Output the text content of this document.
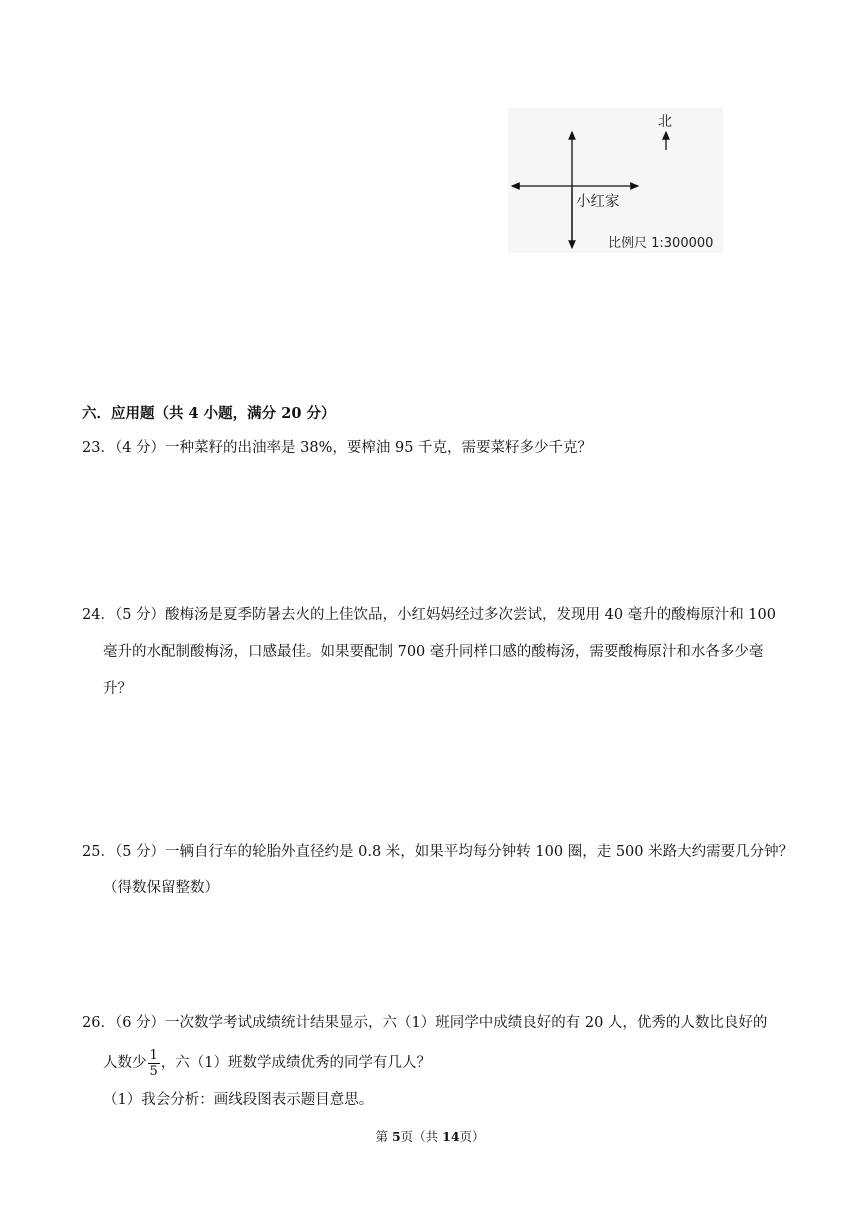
北
小红家
比例尺 1:300000
六．应用题（共 4 小题，满分 20 分）
23．（4 分）一种菜籽的出油率是 38%，要榨油 95 千克，需要菜籽多少千克？
24．（5 分）酸梅汤是夏季防暑去火的上佳饮品，小红妈妈经过多次尝试，发现用 40 毫升的酸梅原汁和 100
毫升的水配制酸梅汤，口感最佳。如果要配制 700 毫升同样口感的酸梅汤，需要酸梅原汁和水各多少毫
升？
25．（5 分）一辆自行车的轮胎外直径约是 0.8 米，如果平均每分钟转 100 圈，走 500 米路大约需要几分钟？
（得数保留整数）
26．（6 分）一次数学考试成绩统计结果显示，六（1）班同学中成绩良好的有 20 人，优秀的人数比良好的
人数少 $\frac{1}{5}$ ，六（1）班数学成绩优秀的同学有几人？
（1）我会分析：画线段图表示题目意思。
第 5页（共 14页）
